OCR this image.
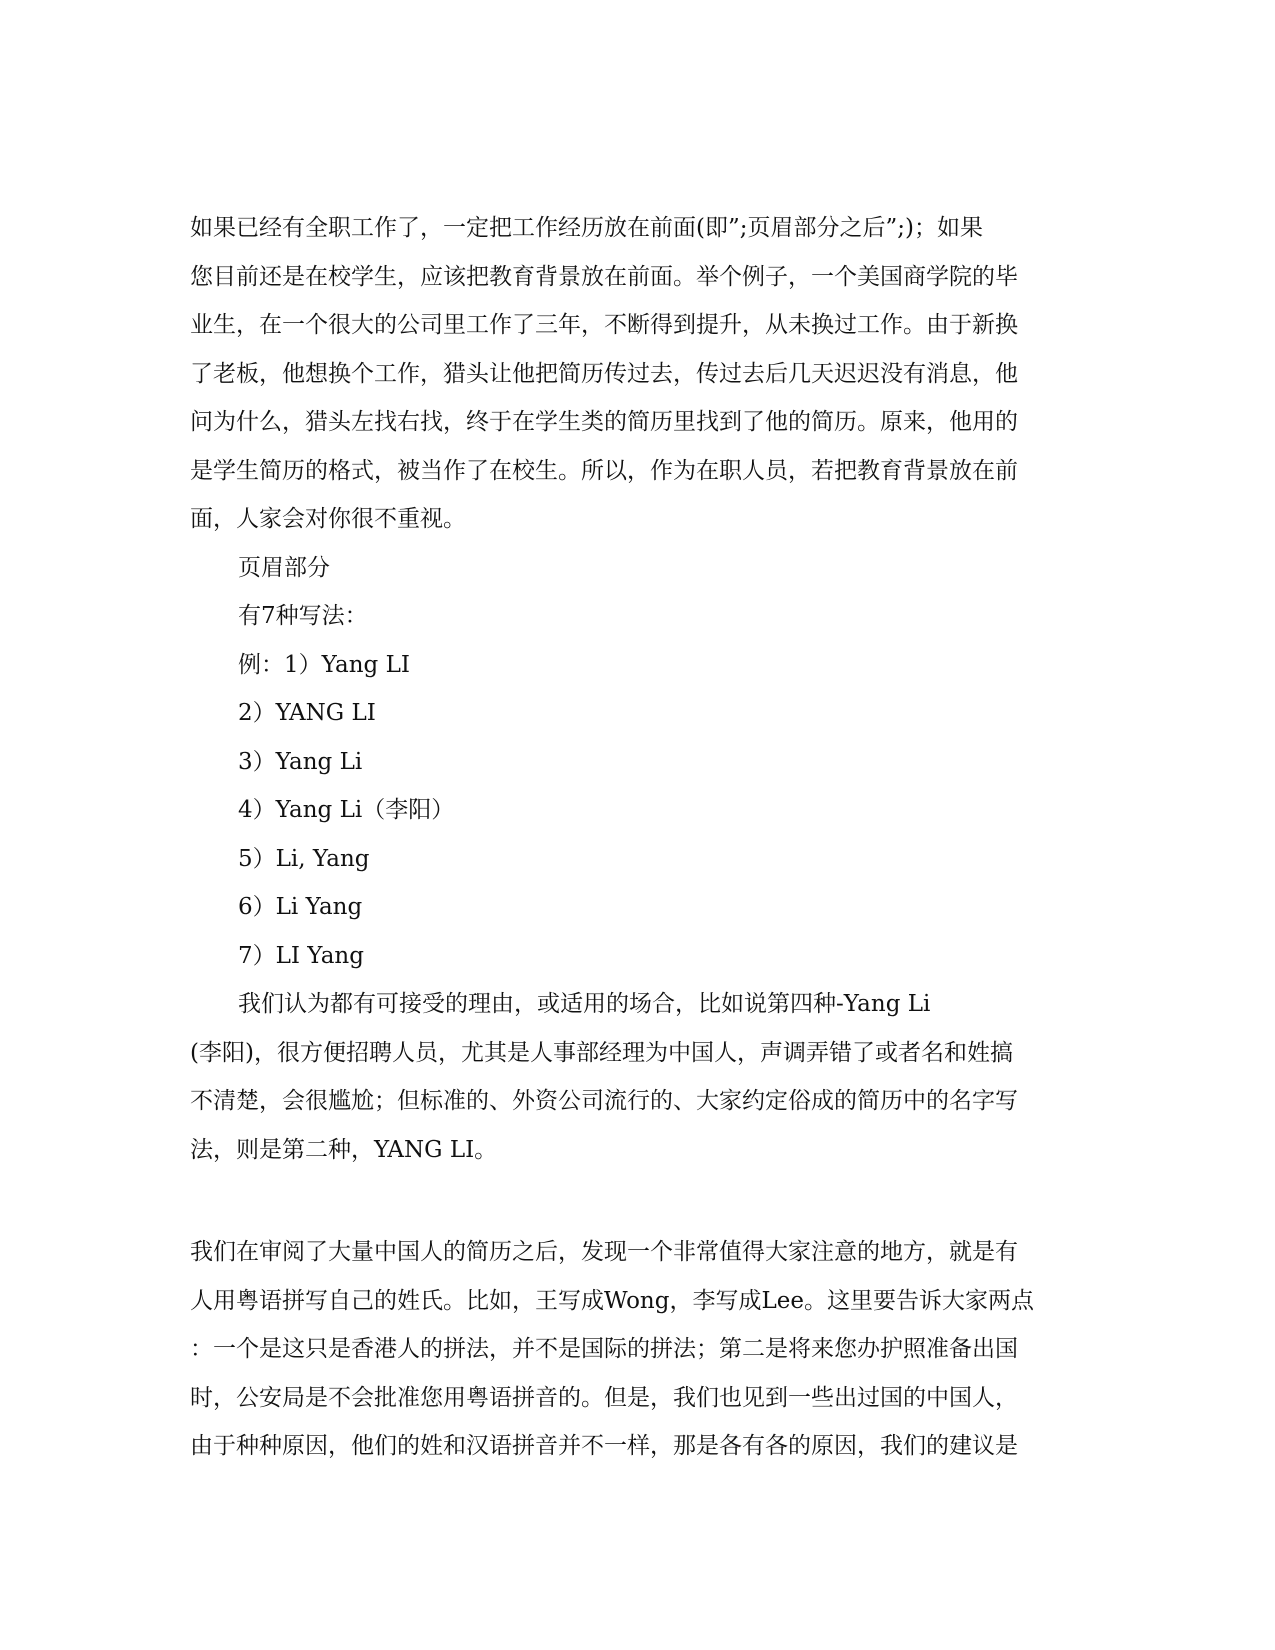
如果已经有全职工作了，一定把工作经历放在前面(即”;页眉部分之后”;)；如果
您目前还是在校学生，应该把教育背景放在前面。举个例子，一个美国商学院的毕
业生，在一个很大的公司里工作了三年，不断得到提升，从未换过工作。由于新换
了老板，他想换个工作，猎头让他把简历传过去，传过去后几天迟迟没有消息，他
问为什么，猎头左找右找，终于在学生类的简历里找到了他的简历。原来，他用的
是学生简历的格式，被当作了在校生。所以，作为在职人员，若把教育背景放在前
面，人家会对你很不重视。
页眉部分
有7种写法：
例：1）Yang LI
2）YANG LI
3）Yang Li
4）Yang Li（李阳）
5）Li, Yang
6）Li Yang
7）LI Yang
我们认为都有可接受的理由，或适用的场合，比如说第四种-Yang Li
(李阳)，很方便招聘人员，尤其是人事部经理为中国人，声调弄错了或者名和姓搞
不清楚，会很尴尬；但标准的、外资公司流行的、大家约定俗成的简历中的名字写
法，则是第二种，YANG LI。
我们在审阅了大量中国人的简历之后，发现一个非常值得大家注意的地方，就是有
人用粤语拼写自己的姓氏。比如，王写成Wong，李写成Lee。这里要告诉大家两点
：一个是这只是香港人的拼法，并不是国际的拼法；第二是将来您办护照准备出国
时，公安局是不会批准您用粤语拼音的。但是，我们也见到一些出过国的中国人，
由于种种原因，他们的姓和汉语拼音并不一样，那是各有各的原因，我们的建议是
